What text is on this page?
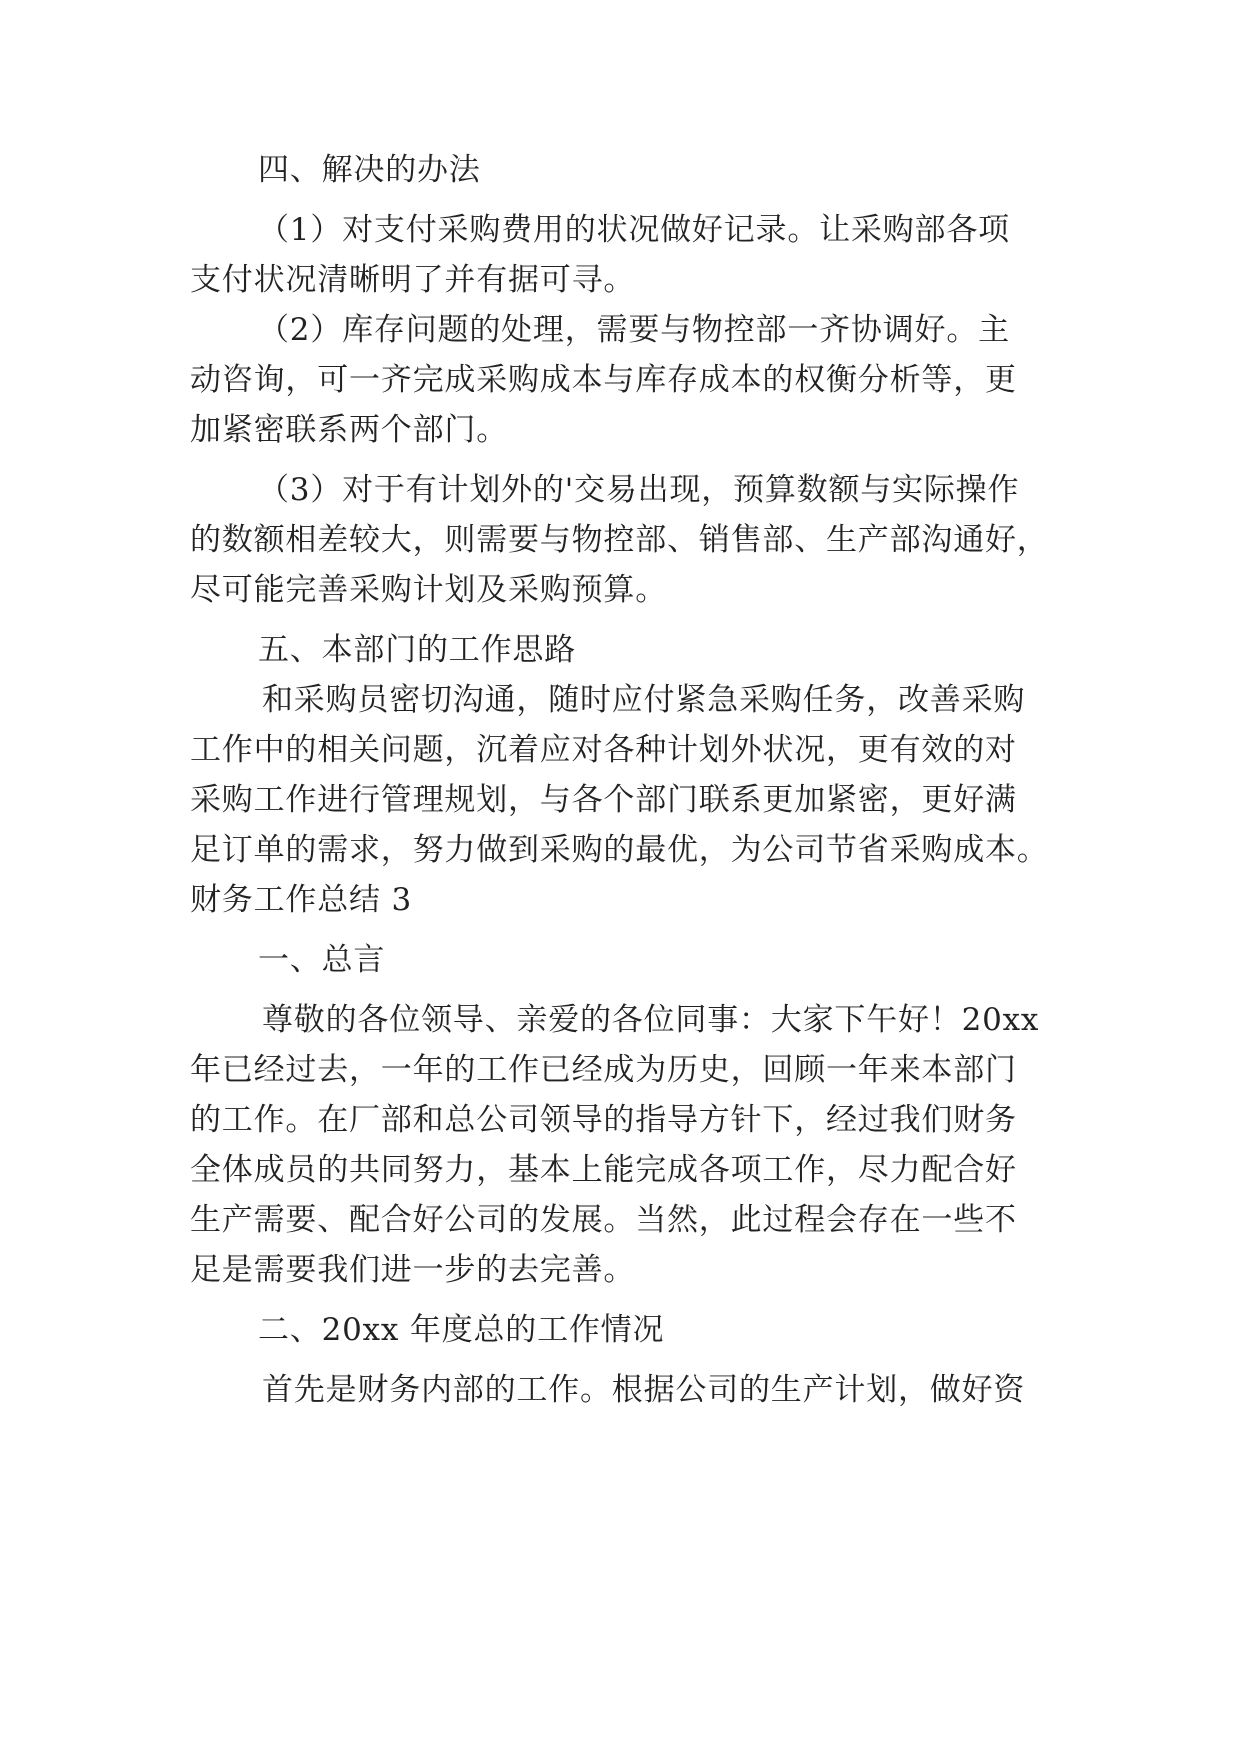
四、解决的办法
（1）对支付采购费用的状况做好记录。让采购部各项
支付状况清晰明了并有据可寻。
（2）库存问题的处理，需要与物控部一齐协调好。主
动咨询，可一齐完成采购成本与库存成本的权衡分析等，更
加紧密联系两个部门。
（3）对于有计划外的'交易出现，预算数额与实际操作
的数额相差较大，则需要与物控部、销售部、生产部沟通好，
尽可能完善采购计划及采购预算。
五、本部门的工作思路
和采购员密切沟通，随时应付紧急采购任务，改善采购
工作中的相关问题，沉着应对各种计划外状况，更有效的对
采购工作进行管理规划，与各个部门联系更加紧密，更好满
足订单的需求，努力做到采购的最优，为公司节省采购成本。
财务工作总结 3
一、总言
尊敬的各位领导、亲爱的各位同事：大家下午好！20xx
年已经过去，一年的工作已经成为历史，回顾一年来本部门
的工作。在厂部和总公司领导的指导方针下，经过我们财务
全体成员的共同努力，基本上能完成各项工作，尽力配合好
生产需要、配合好公司的发展。当然，此过程会存在一些不
足是需要我们进一步的去完善。
二、20xx 年度总的工作情况
首先是财务内部的工作。根据公司的生产计划，做好资
